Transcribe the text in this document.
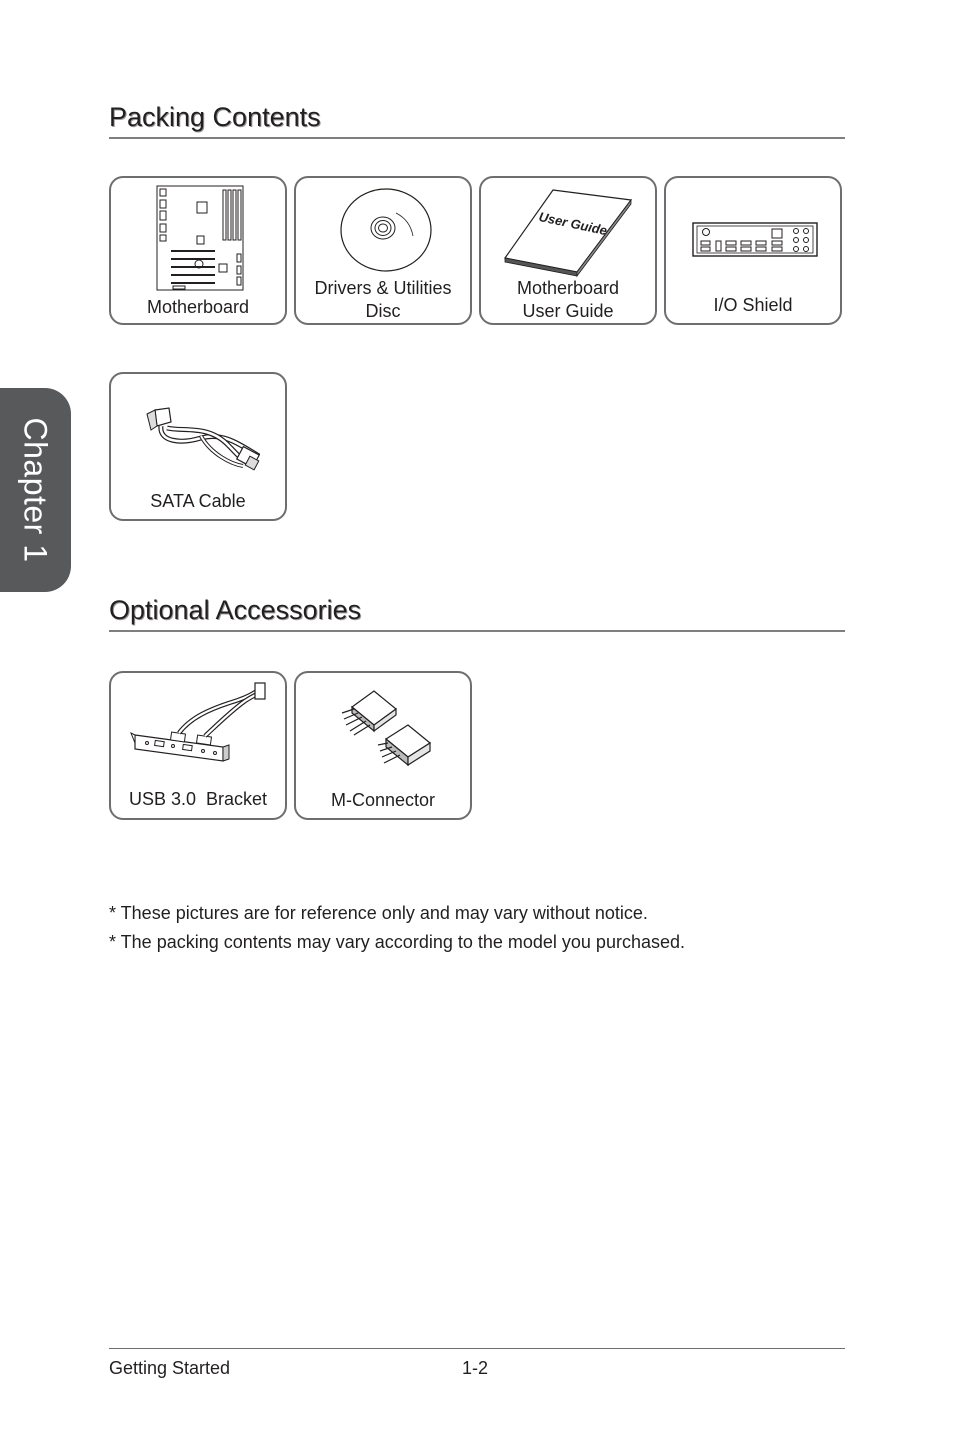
Chapter 1
Packing Contents
Motherboard
Drivers & Utilities
Disc
User Guide
Motherboard
User Guide	I/O Shield
SATA Cable
Optional Accessories
USB 3.0  Bracket	M-Connector

* These pictures are for reference only and may vary without notice.

* The packing contents may vary according to the model you purchased.

Getting Started	1-2
